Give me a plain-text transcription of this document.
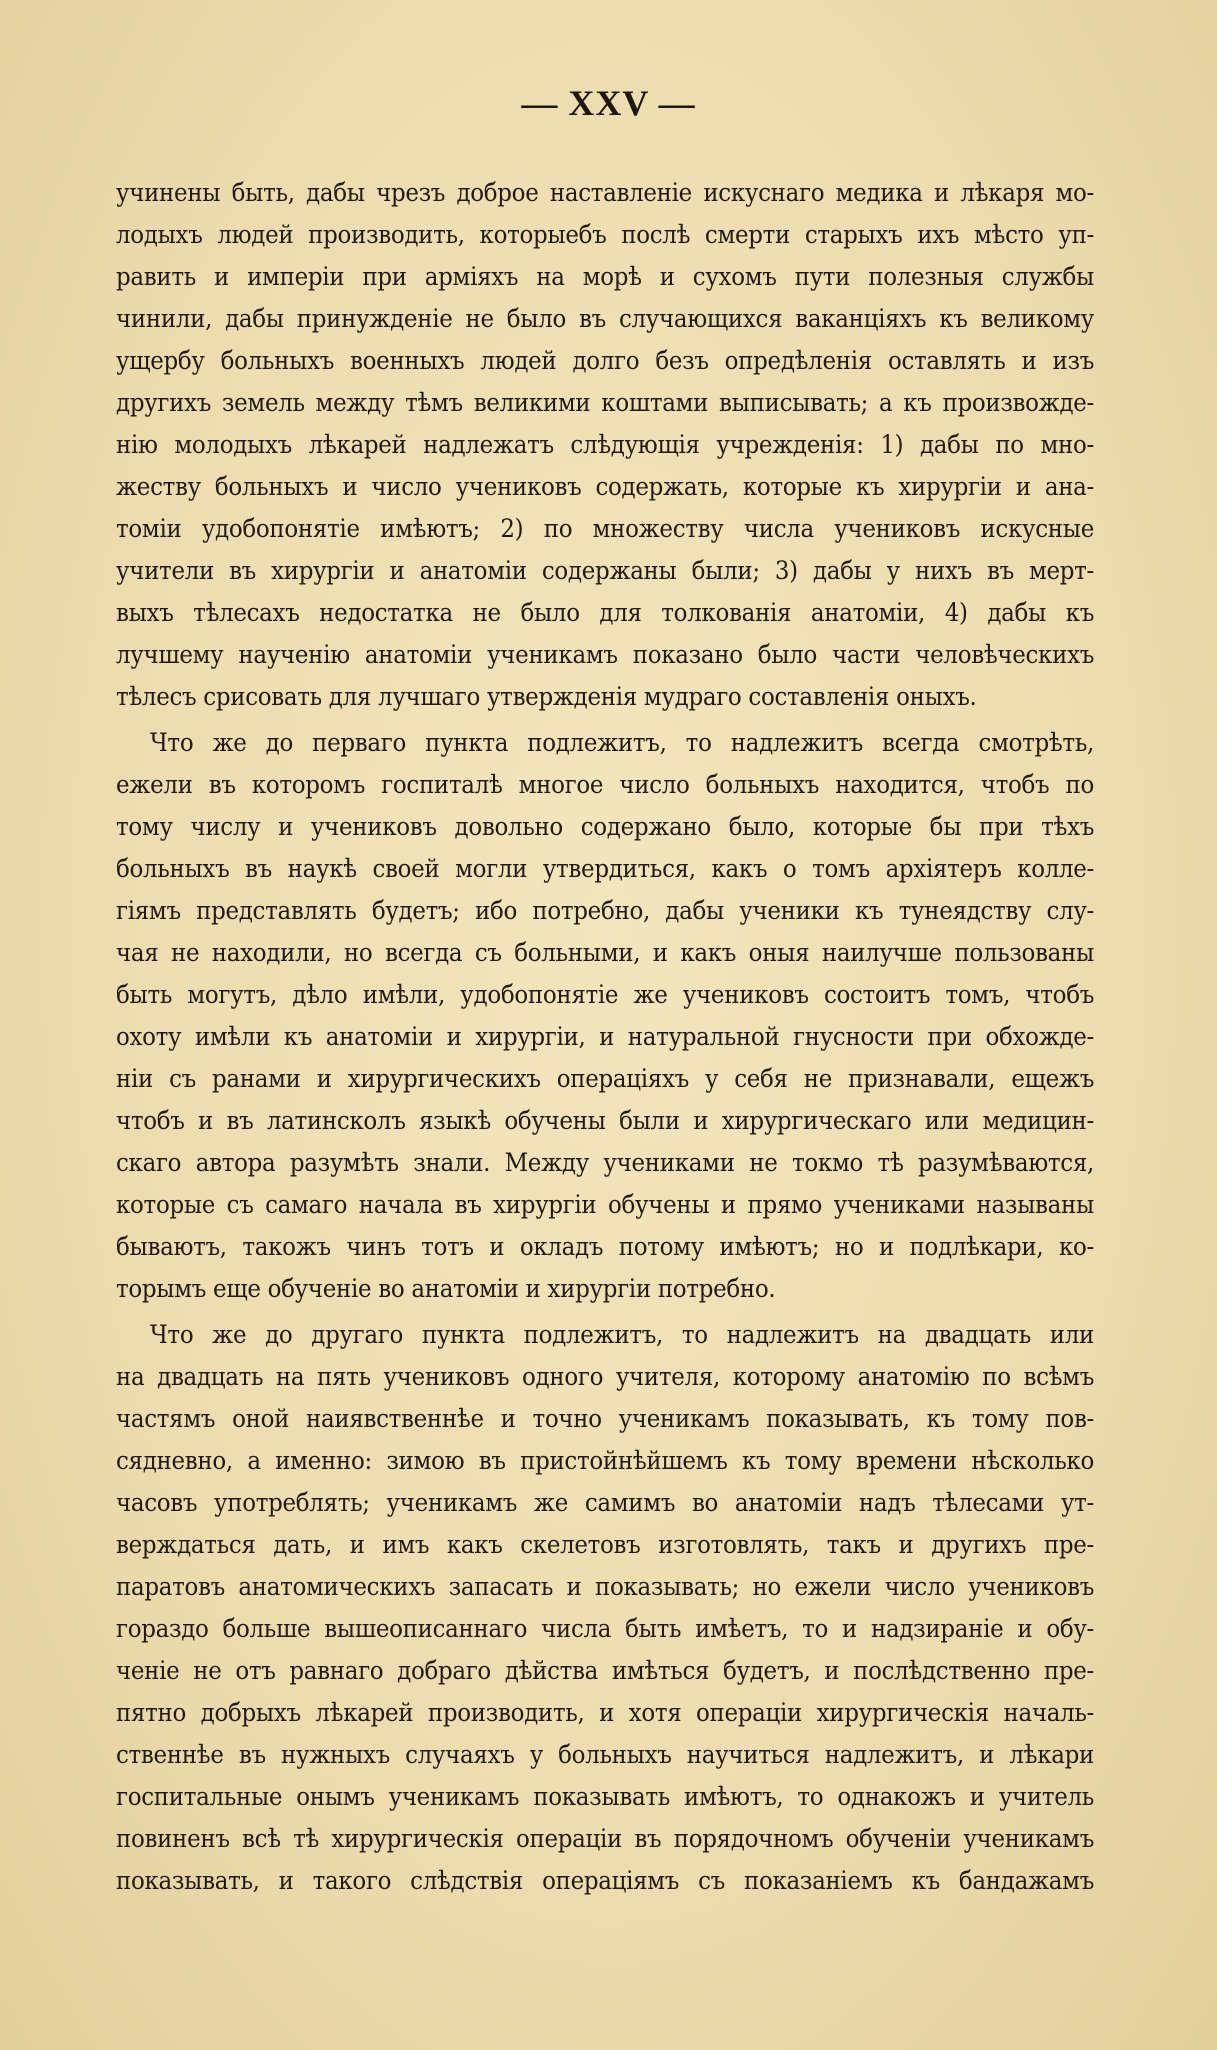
— XXV —
учинены быть, дабы чрезъ доброе наставленіе искуснаго медика и лѣкаря мо-
лодыхъ людей производить, которыебъ послѣ смерти старыхъ ихъ мѣсто уп-
равить и имперіи при арміяхъ на морѣ и сухомъ пути полезныя службы
чинили, дабы принужденіе не было въ случающихся ваканціяхъ къ великому
ущербу больныхъ военныхъ людей долго безъ опредѣленія оставлять и изъ
другихъ земель между тѣмъ великими коштами выписывать; а къ произвожде-
нію молодыхъ лѣкарей надлежатъ слѣдующія учрежденія: 1) дабы по мно-
жеству больныхъ и число учениковъ содержать, которые къ хирургіи и ана-
томіи удобопонятіе имѣютъ; 2) по множеству числа учениковъ искусные
учители въ хирургіи и анатоміи содержаны были; 3) дабы у нихъ въ мерт-
выхъ тѣлесахъ недостатка не было для толкованія анатоміи, 4) дабы къ
лучшему наученію анатоміи ученикамъ показано было части человѣческихъ
тѣлесъ срисовать для лучшаго утвержденія мудраго составленія оныхъ.
Что же до перваго пункта подлежитъ, то надлежитъ всегда смотрѣть,
ежели въ которомъ госпиталѣ многое число больныхъ находится, чтобъ по
тому числу и учениковъ довольно содержано было, которые бы при тѣхъ
больныхъ въ наукѣ своей могли утвердиться, какъ о томъ архіятеръ колле-
гіямъ представлять будетъ; ибо потребно, дабы ученики къ тунеядству слу-
чая не находили, но всегда съ больными, и какъ оныя наилучше пользованы
быть могутъ, дѣло имѣли, удобопонятіе же учениковъ состоитъ томъ, чтобъ
охоту имѣли къ анатоміи и хирургіи, и натуральной гнусности при обхожде-
ніи съ ранами и хирургическихъ операціяхъ у себя не признавали, ещежъ
чтобъ и въ латинсколъ языкѣ обучены были и хирургическаго или медицин-
скаго автора разумѣть знали. Между учениками не токмо тѣ разумѣваются,
которые съ самаго начала въ хирургіи обучены и прямо учениками называны
бываютъ, такожъ чинъ тотъ и окладъ потому имѣютъ; но и подлѣкари, ко-
торымъ еще обученіе во анатоміи и хирургіи потребно.
Что же до другаго пункта подлежитъ, то надлежитъ на двадцать или
на двадцать на пять учениковъ одного учителя, которому анатомію по всѣмъ
частямъ оной наиявственнѣе и точно ученикамъ показывать, къ тому пов-
сядневно, а именно: зимою въ пристойнѣйшемъ къ тому времени нѣсколько
часовъ употреблять; ученикамъ же самимъ во анатоміи надъ тѣлесами ут-
верждаться дать, и имъ какъ скелетовъ изготовлять, такъ и другихъ пре-
паратовъ анатомическихъ запасать и показывать; но ежели число учениковъ
гораздо больше вышеописаннаго числа быть имѣетъ, то и надзираніе и обу-
ченіе не отъ равнаго добраго дѣйства имѣться будетъ, и послѣдственно пре-
пятно добрыхъ лѣкарей производить, и хотя операціи хирургическія началь-
ственнѣе въ нужныхъ случаяхъ у больныхъ научиться надлежитъ, и лѣкари
госпитальные онымъ ученикамъ показывать имѣютъ, то однакожъ и учитель
повиненъ всѣ тѣ хирургическія операціи въ порядочномъ обученіи ученикамъ
показывать, и такого слѣдствія операціямъ съ показаніемъ къ бандажамъ
